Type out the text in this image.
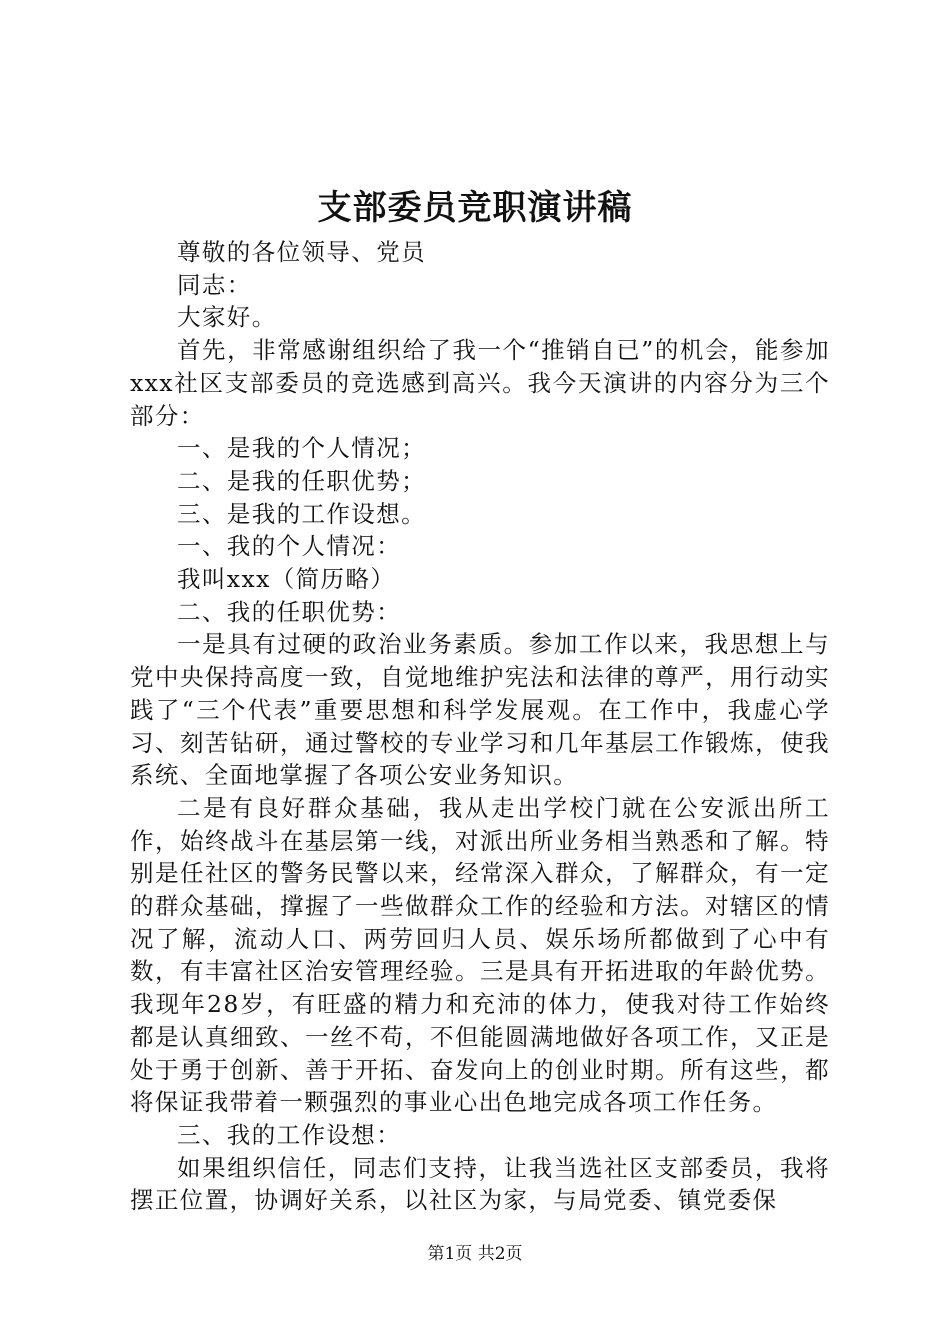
支部委员竞职演讲稿

尊敬的各位领导、党员

同志：

大家好。

首先，非常感谢组织给了我一个“推销自已”的机会，能参加xxx社区支部委员的竞选感到高兴。我今天演讲的内容分为三个部分：

一、是我的个人情况；

二、是我的任职优势；

三、是我的工作设想。

一、我的个人情况：

我叫xxx（简历略）

二、我的任职优势：

一是具有过硬的政治业务素质。参加工作以来，我思想上与党中央保持高度一致，自觉地维护宪法和法律的尊严，用行动实践了“三个代表”重要思想和科学发展观。在工作中，我虚心学习、刻苦钻研，通过警校的专业学习和几年基层工作锻炼，使我系统、全面地掌握了各项公安业务知识。

二是有良好群众基础，我从走出学校门就在公安派出所工作，始终战斗在基层第一线，对派出所业务相当熟悉和了解。特别是任社区的警务民警以来，经常深入群众，了解群众，有一定的群众基础，撑握了一些做群众工作的经验和方法。对辖区的情况了解，流动人口、两劳回归人员、娱乐场所都做到了心中有数，有丰富社区治安管理经验。三是具有开拓进取的年龄优势。我现年28岁，有旺盛的精力和充沛的体力，使我对待工作始终都是认真细致、一丝不苟，不但能圆满地做好各项工作，又正是处于勇于创新、善于开拓、奋发向上的创业时期。所有这些，都将保证我带着一颗强烈的事业心出色地完成各项工作任务。

三、我的工作设想：

如果组织信任，同志们支持，让我当选社区支部委员，我将摆正位置，协调好关系，以社区为家，与局党委、镇党委保

第1页 共2页
